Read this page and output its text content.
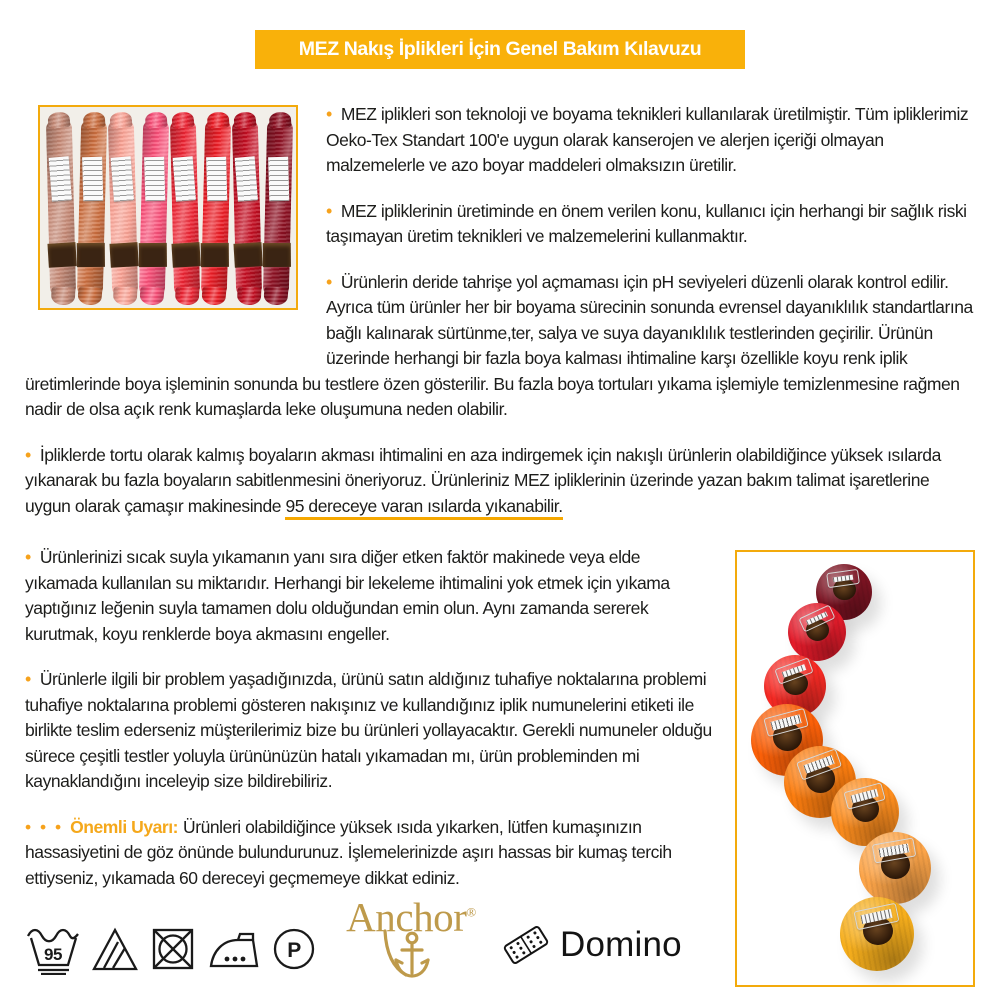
MEZ Nakış İplikleri İçin Genel Bakım Kılavuzu

• MEZ iplikleri son teknoloji ve boyama teknikleri kullanılarak üretilmiştir. Tüm ipliklerimiz Oeko-Tex Standart 100'e uygun olarak kanserojen ve alerjen içeriği olmayan malzemelerle ve azo boyar maddeleri olmaksızın üretilir.

• MEZ ipliklerinin üretiminde en önem verilen konu, kullanıcı için herhangi bir sağlık riski taşımayan üretim teknikleri ve malzemelerini kullanmaktır.

• Ürünlerin deride tahrişe yol açmaması için pH seviyeleri düzenli olarak kontrol edilir. Ayrıca tüm ürünler her bir boyama sürecinin sonunda evrensel dayanıklılık standartlarına bağlı kalınarak sürtünme,ter, salya ve suya dayanıklılık testlerinden geçirilir. Ürünün üzerinde herhangi bir fazla boya kalması ihtimaline karşı özellikle koyu renk iplik üretimlerinde boya işleminin sonunda bu testlere özen gösterilir. Bu fazla boya tortuları yıkama işlemiyle temizlenmesine rağmen nadir de olsa açık renk kumaşlarda leke oluşumuna neden olabilir.

• İpliklerde tortu olarak kalmış boyaların akması ihtimalini en aza indirgemek için nakışlı ürünlerin olabildiğince yüksek ısılarda yıkanarak bu fazla boyaların sabitlenmesini öneriyoruz. Ürünleriniz MEZ ipliklerinin üzerinde yazan bakım talimat işaretlerine uygun olarak çamaşır makinesinde 95 dereceye varan ısılarda yıkanabilir.

• Ürünlerinizi sıcak suyla yıkamanın yanı sıra diğer etken faktör makinede veya elde yıkamada kullanılan su miktarıdır. Herhangi bir lekeleme ihtimalini yok etmek için yıkama yaptığınız leğenin suyla tamamen dolu olduğundan emin olun. Aynı zamanda sererek kurutmak, koyu renklerde boya akmasını engeller.

• Ürünlerle ilgili bir problem yaşadığınızda, ürünü satın aldığınız tuhafiye noktalarına problemi tuhafiye noktalarına problemi gösteren nakışınız ve kullandığınız iplik numunelerini etiketi ile birlikte teslim ederseniz müşterilerimiz bize bu ürünleri yollayacaktır. Gerekli numuneler olduğu sürece çeşitli testler yoluyla ürününüzün hatalı yıkamadan mı, ürün probleminden mi kaynaklandığını inceleyip size bildirebiliriz.

• • • Önemli Uyarı: Ürünleri olabildiğince yüksek ısıda yıkarken, lütfen kumaşınızın hassasiyetini de göz önünde bulundurunuz. İşlemelerinizde aşırı hassas bir kumaş tercih ettiyseniz, yıkamada 60 dereceyi geçmemeye dikkat ediniz.

95	P
Anchor®
Domino
